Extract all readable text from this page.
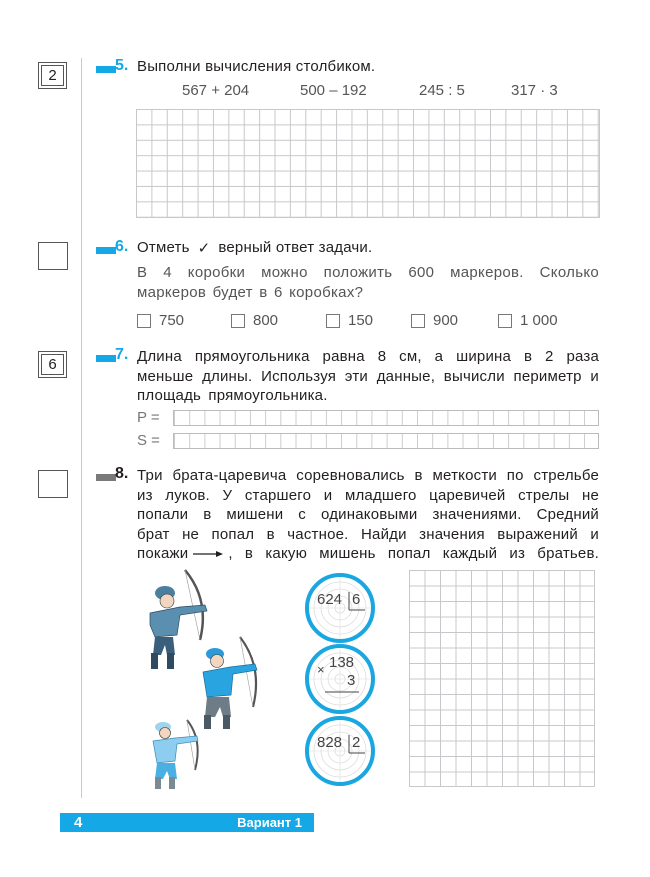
2
5. Выполни вычисления столбиком.
567 + 204	500 – 192	245 : 5	317 · 3
6. Отметь ✓ верный ответ задачи.
В 4 коробки можно положить 600 маркеров. Сколько маркеров будет в 6 коробках?
750	800	150	900	1 000
6
7. Длина прямоугольника равна 8 см, а ширина в 2 раза меньше длины. Используя эти данные, вычисли периметр и площадь прямоугольника.
P =
S =
8. Три брата-царевича соревновались в меткости по стрельбе
из луков. У старшего и младшего царевичей стрелы не
попали в мишени с одинаковыми значениями. Средний
брат не попал в частное. Найди значения выражений и
покажи	, в какую мишень попал каждый из братьев.
624 6
× 138
3
828 2
4	Вариант 1
